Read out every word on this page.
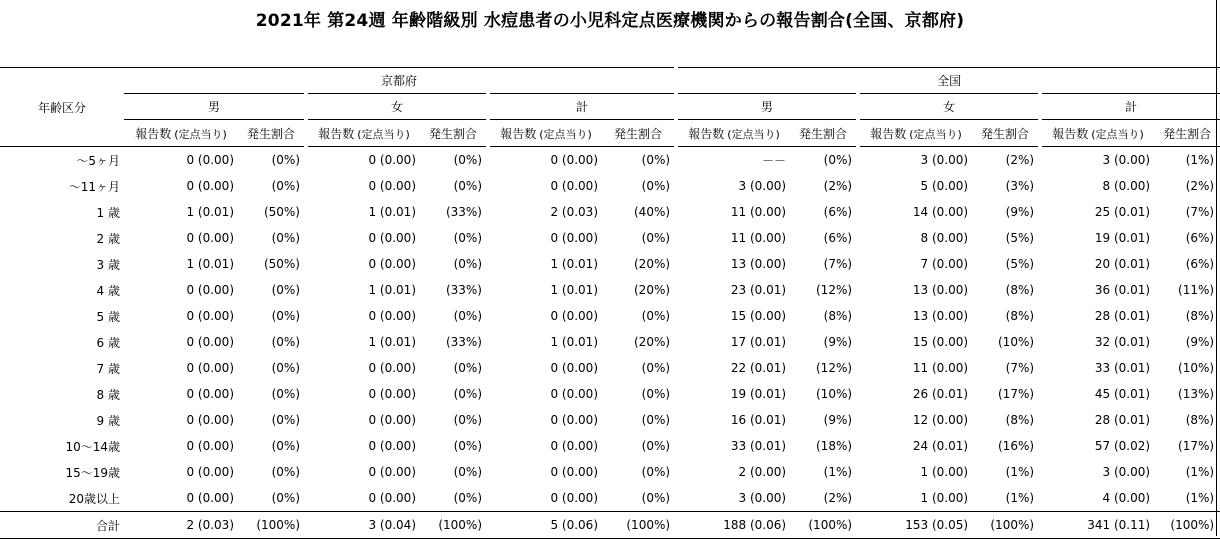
2021年 第24週 年齢階級別 水痘患者の小児科定点医療機関からの報告割合(全国、京都府)
年齢区分	京都府						全国					
	男		女		計		男		女		計	
	報告数 (定点当り)	発生割合	報告数 (定点当り)	発生割合	報告数 (定点当り)	発生割合	報告数 (定点当り)	発生割合	報告数 (定点当り)	発生割合	報告数 (定点当り)	発生割合
～5ヶ月	0 (0.00)	(0%)	0 (0.00)	(0%)	0 (0.00)	(0%)	－－	(0%)	3 (0.00)	(2%)	3 (0.00)	(1%)
～11ヶ月	0 (0.00)	(0%)	0 (0.00)	(0%)	0 (0.00)	(0%)	3 (0.00)	(2%)	5 (0.00)	(3%)	8 (0.00)	(2%)
1 歳	1 (0.01)	(50%)	1 (0.01)	(33%)	2 (0.03)	(40%)	11 (0.00)	(6%)	14 (0.00)	(9%)	25 (0.01)	(7%)
2 歳	0 (0.00)	(0%)	0 (0.00)	(0%)	0 (0.00)	(0%)	11 (0.00)	(6%)	8 (0.00)	(5%)	19 (0.01)	(6%)
3 歳	1 (0.01)	(50%)	0 (0.00)	(0%)	1 (0.01)	(20%)	13 (0.00)	(7%)	7 (0.00)	(5%)	20 (0.01)	(6%)
4 歳	0 (0.00)	(0%)	1 (0.01)	(33%)	1 (0.01)	(20%)	23 (0.01)	(12%)	13 (0.00)	(8%)	36 (0.01)	(11%)
5 歳	0 (0.00)	(0%)	0 (0.00)	(0%)	0 (0.00)	(0%)	15 (0.00)	(8%)	13 (0.00)	(8%)	28 (0.01)	(8%)
6 歳	0 (0.00)	(0%)	1 (0.01)	(33%)	1 (0.01)	(20%)	17 (0.01)	(9%)	15 (0.00)	(10%)	32 (0.01)	(9%)
7 歳	0 (0.00)	(0%)	0 (0.00)	(0%)	0 (0.00)	(0%)	22 (0.01)	(12%)	11 (0.00)	(7%)	33 (0.01)	(10%)
8 歳	0 (0.00)	(0%)	0 (0.00)	(0%)	0 (0.00)	(0%)	19 (0.01)	(10%)	26 (0.01)	(17%)	45 (0.01)	(13%)
9 歳	0 (0.00)	(0%)	0 (0.00)	(0%)	0 (0.00)	(0%)	16 (0.01)	(9%)	12 (0.00)	(8%)	28 (0.01)	(8%)
10～14歳	0 (0.00)	(0%)	0 (0.00)	(0%)	0 (0.00)	(0%)	33 (0.01)	(18%)	24 (0.01)	(16%)	57 (0.02)	(17%)
15～19歳	0 (0.00)	(0%)	0 (0.00)	(0%)	0 (0.00)	(0%)	2 (0.00)	(1%)	1 (0.00)	(1%)	3 (0.00)	(1%)
20歳以上	0 (0.00)	(0%)	0 (0.00)	(0%)	0 (0.00)	(0%)	3 (0.00)	(2%)	1 (0.00)	(1%)	4 (0.00)	(1%)
合計	2 (0.03)	(100%)	3 (0.04)	(100%)	5 (0.06)	(100%)	188 (0.06)	(100%)	153 (0.05)	(100%)	341 (0.11)	(100%)
